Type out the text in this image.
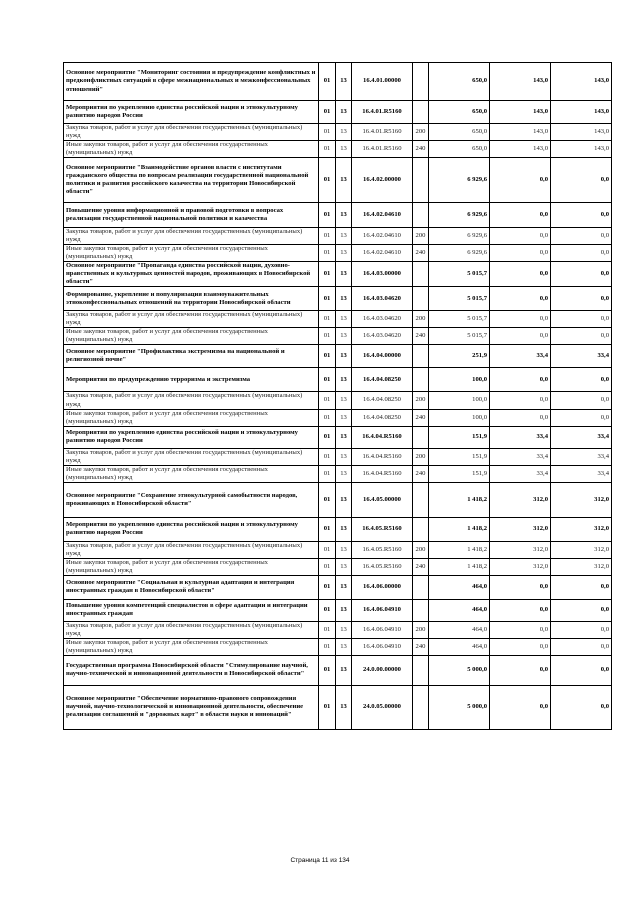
Основное мероприятие "Мониторинг состояния и предупреждение конфликтных и предконфликтных ситуаций в сфере межнациональных и межконфессиональных отношений"	01	13	16.4.01.00000		650,0	143,0	143,0
Мероприятия по укреплению единства российской нации и этнокультурному развитию народов России	01	13	16.4.01.R5160		650,0	143,0	143,0
Закупка товаров, работ и услуг для обеспечения государственных (муниципальных) нужд	01	13	16.4.01.R5160	200	650,0	143,0	143,0
Иные закупки товаров, работ и услуг для обеспечения государственных (муниципальных) нужд	01	13	16.4.01.R5160	240	650,0	143,0	143,0
Основное мероприятие "Взаимодействие органов власти с институтами гражданского общества по вопросам реализации государственной национальной политики и развития российского казачества на территории Новосибирской области"	01	13	16.4.02.00000		6 929,6	0,0	0,0
Повышение уровня информационной и правовой подготовки в вопросах реализации государственной национальной политики и казачества	01	13	16.4.02.04610		6 929,6	0,0	0,0
Закупка товаров, работ и услуг для обеспечения государственных (муниципальных) нужд	01	13	16.4.02.04610	200	6 929,6	0,0	0,0
Иные закупки товаров, работ и услуг для обеспечения государственных (муниципальных) нужд	01	13	16.4.02.04610	240	6 929,6	0,0	0,0
Основное мероприятие "Пропаганда единства российской нации, духовно-нравственных и культурных ценностей народов, проживающих в Новосибирской области"	01	13	16.4.03.00000		5 015,7	0,0	0,0
Формирование, укрепление и популяризация взаимоуважительных этноконфессиональных отношений на территории Новосибирской области	01	13	16.4.03.04620		5 015,7	0,0	0,0
Закупка товаров, работ и услуг для обеспечения государственных (муниципальных) нужд	01	13	16.4.03.04620	200	5 015,7	0,0	0,0
Иные закупки товаров, работ и услуг для обеспечения государственных (муниципальных) нужд	01	13	16.4.03.04620	240	5 015,7	0,0	0,0
Основное мероприятие "Профилактика экстремизма на национальной и религиозной почве"	01	13	16.4.04.00000		251,9	33,4	33,4
Мероприятия по предупреждению терроризма и экстремизма	01	13	16.4.04.08250		100,0	0,0	0,0
Закупка товаров, работ и услуг для обеспечения государственных (муниципальных) нужд	01	13	16.4.04.08250	200	100,0	0,0	0,0
Иные закупки товаров, работ и услуг для обеспечения государственных (муниципальных) нужд	01	13	16.4.04.08250	240	100,0	0,0	0,0
Мероприятия по укреплению единства российской нации и этнокультурному развитию народов России	01	13	16.4.04.R5160		151,9	33,4	33,4
Закупка товаров, работ и услуг для обеспечения государственных (муниципальных) нужд	01	13	16.4.04.R5160	200	151,9	33,4	33,4
Иные закупки товаров, работ и услуг для обеспечения государственных (муниципальных) нужд	01	13	16.4.04.R5160	240	151,9	33,4	33,4
Основное мероприятие "Сохранение этнокультурной самобытности народов, проживающих в Новосибирской области"	01	13	16.4.05.00000		1 418,2	312,0	312,0
Мероприятия по укреплению единства российской нации и этнокультурному развитию народов России	01	13	16.4.05.R5160		1 418,2	312,0	312,0
Закупка товаров, работ и услуг для обеспечения государственных (муниципальных) нужд	01	13	16.4.05.R5160	200	1 418,2	312,0	312,0
Иные закупки товаров, работ и услуг для обеспечения государственных (муниципальных) нужд	01	13	16.4.05.R5160	240	1 418,2	312,0	312,0
Основное мероприятие "Социальная и культурная адаптация и интеграция иностранных граждан в Новосибирской области"	01	13	16.4.06.00000		464,0	0,0	0,0
Повышение уровня компетенций специалистов в сфере адаптации и интеграции иностранных граждан	01	13	16.4.06.04910		464,0	0,0	0,0
Закупка товаров, работ и услуг для обеспечения государственных (муниципальных) нужд	01	13	16.4.06.04910	200	464,0	0,0	0,0
Иные закупки товаров, работ и услуг для обеспечения государственных (муниципальных) нужд	01	13	16.4.06.04910	240	464,0	0,0	0,0
Государственная программа Новосибирской области "Стимулирование научной, научно-технической и инновационной деятельности в Новосибирской области"	01	13	24.0.00.00000		5 000,0	0,0	0,0
Основное мероприятие "Обеспечение нормативно-правового сопровождения научной, научно-технологической и инновационной деятельности, обеспечение реализации соглашений и "дорожных карт" в области науки и инноваций"	01	13	24.0.05.00000		5 000,0	0,0	0,0
Страница 11 из 134
